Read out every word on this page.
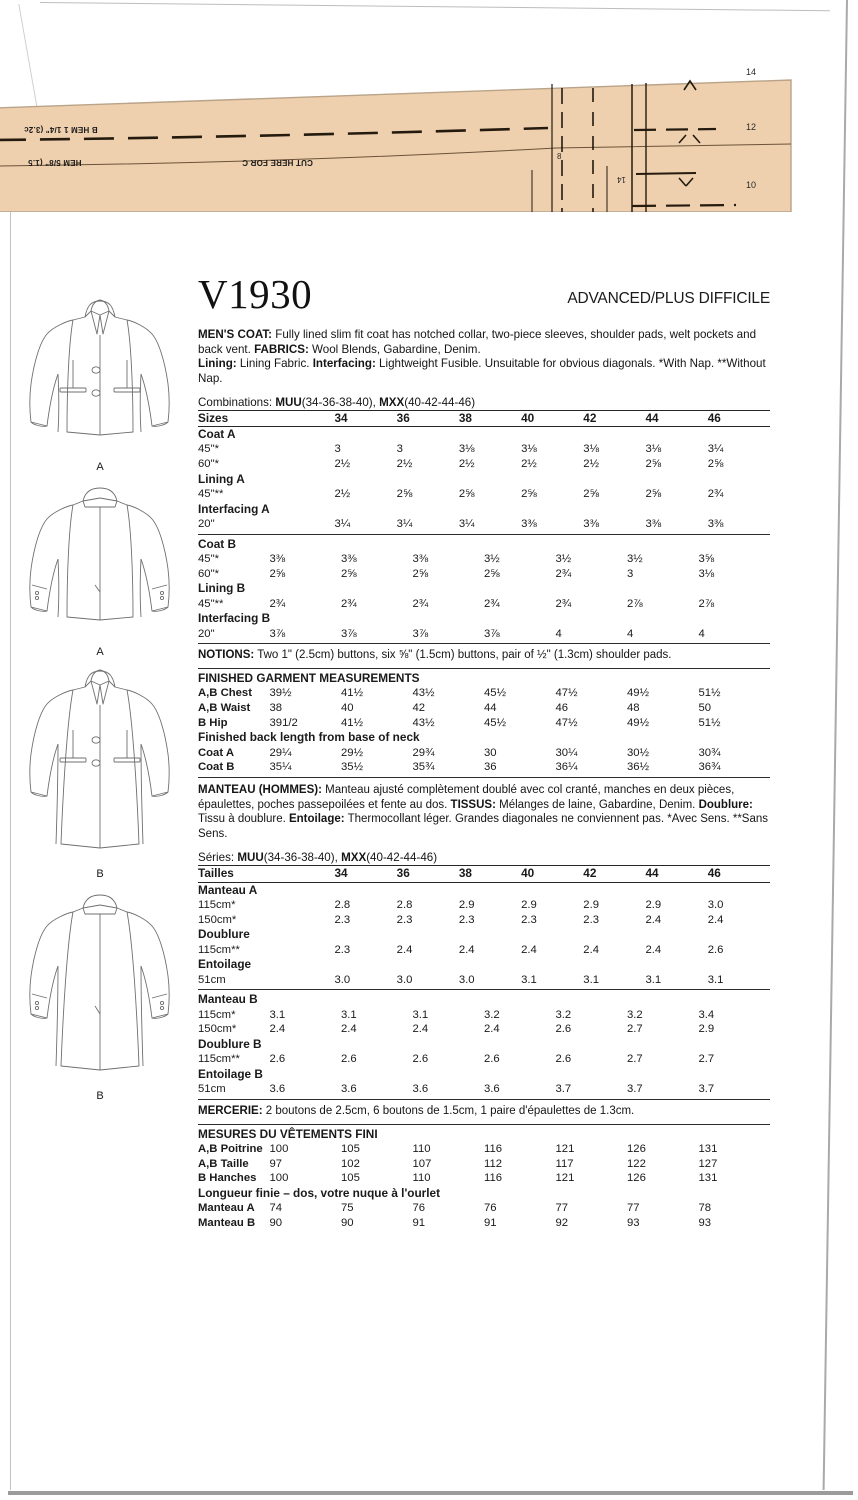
B HEM 1 1/4" (3.2c
HEM 5/8" (1.5	CUT HERE FOR C
14
12
10
8
14
A
A
B
B
V1930	ADVANCED/PLUS DIFFICILE
MEN'S COAT: Fully lined slim fit coat has notched collar, two-piece sleeves, shoulder pads, welt pockets and back vent. FABRICS: Wool Blends, Gabardine, Denim.
Lining: Lining Fabric. Interfacing: Lightweight Fusible. Unsuitable for obvious diagonals. *With Nap. **Without Nap.
Combinations: MUU(34-36-38-40), MXX(40-42-44-46)
Sizes	34	36	38	40	42	44	46
Coat A							
45"*	3	3	3⅛	3⅛	3⅛	3⅛	3¼
60"*	2½	2½	2½	2½	2½	2⅝	2⅝
Lining A							
45"**	2½	2⅝	2⅝	2⅝	2⅝	2⅝	2¾
Interfacing A							
20"	3¼	3¼	3¼	3⅜	3⅜	3⅜	3⅜
Coat B							
45"*	3⅜	3⅜	3⅜	3½	3½	3½	3⅝
60"*	2⅝	2⅝	2⅝	2⅝	2¾	3	3⅛
Lining B							
45"**	2¾	2¾	2¾	2¾	2¾	2⅞	2⅞
Interfacing B							
20"	3⅞	3⅞	3⅞	3⅞	4	4	4
NOTIONS: Two 1" (2.5cm) buttons, six ⅝" (1.5cm) buttons, pair of ½" (1.3cm) shoulder pads.
FINISHED GARMENT MEASUREMENTS							
A,B Chest	39½	41½	43½	45½	47½	49½	51½
A,B Waist	38	40	42	44	46	48	50
B Hip	391/2	41½	43½	45½	47½	49½	51½
Finished back length from base of neck							
Coat A	29¼	29½	29¾	30	30¼	30½	30¾
Coat B	35¼	35½	35¾	36	36¼	36½	36¾
MANTEAU (HOMMES): Manteau ajusté complètement doublé avec col cranté, manches en deux pièces, épaulettes, poches passepoilées et fente au dos. TISSUS: Mélanges de laine, Gabardine, Denim. Doublure: Tissu à doublure. Entoilage: Thermocollant léger. Grandes diagonales ne conviennent pas. *Avec Sens. **Sans Sens.
Séries: MUU(34-36-38-40), MXX(40-42-44-46)
Tailles	34	36	38	40	42	44	46
Manteau A							
115cm*	2.8	2.8	2.9	2.9	2.9	2.9	3.0
150cm*	2.3	2.3	2.3	2.3	2.3	2.4	2.4
Doublure							
115cm**	2.3	2.4	2.4	2.4	2.4	2.4	2.6
Entoilage							
51cm	3.0	3.0	3.0	3.1	3.1	3.1	3.1
Manteau B							
115cm*	3.1	3.1	3.1	3.2	3.2	3.2	3.4
150cm*	2.4	2.4	2.4	2.4	2.6	2.7	2.9
Doublure B							
115cm**	2.6	2.6	2.6	2.6	2.6	2.7	2.7
Entoilage B							
51cm	3.6	3.6	3.6	3.6	3.7	3.7	3.7
MERCERIE: 2 boutons de 2.5cm, 6 boutons de 1.5cm, 1 paire d'épaulettes de 1.3cm.
MESURES DU VÊTEMENTS FINI							
A,B Poitrine	100	105	110	116	121	126	131
A,B Taille	97	102	107	112	117	122	127
B Hanches	100	105	110	116	121	126	131
Longueur finie – dos, votre nuque à l'ourlet							
Manteau A	74	75	76	76	77	77	78
Manteau B	90	90	91	91	92	93	93
